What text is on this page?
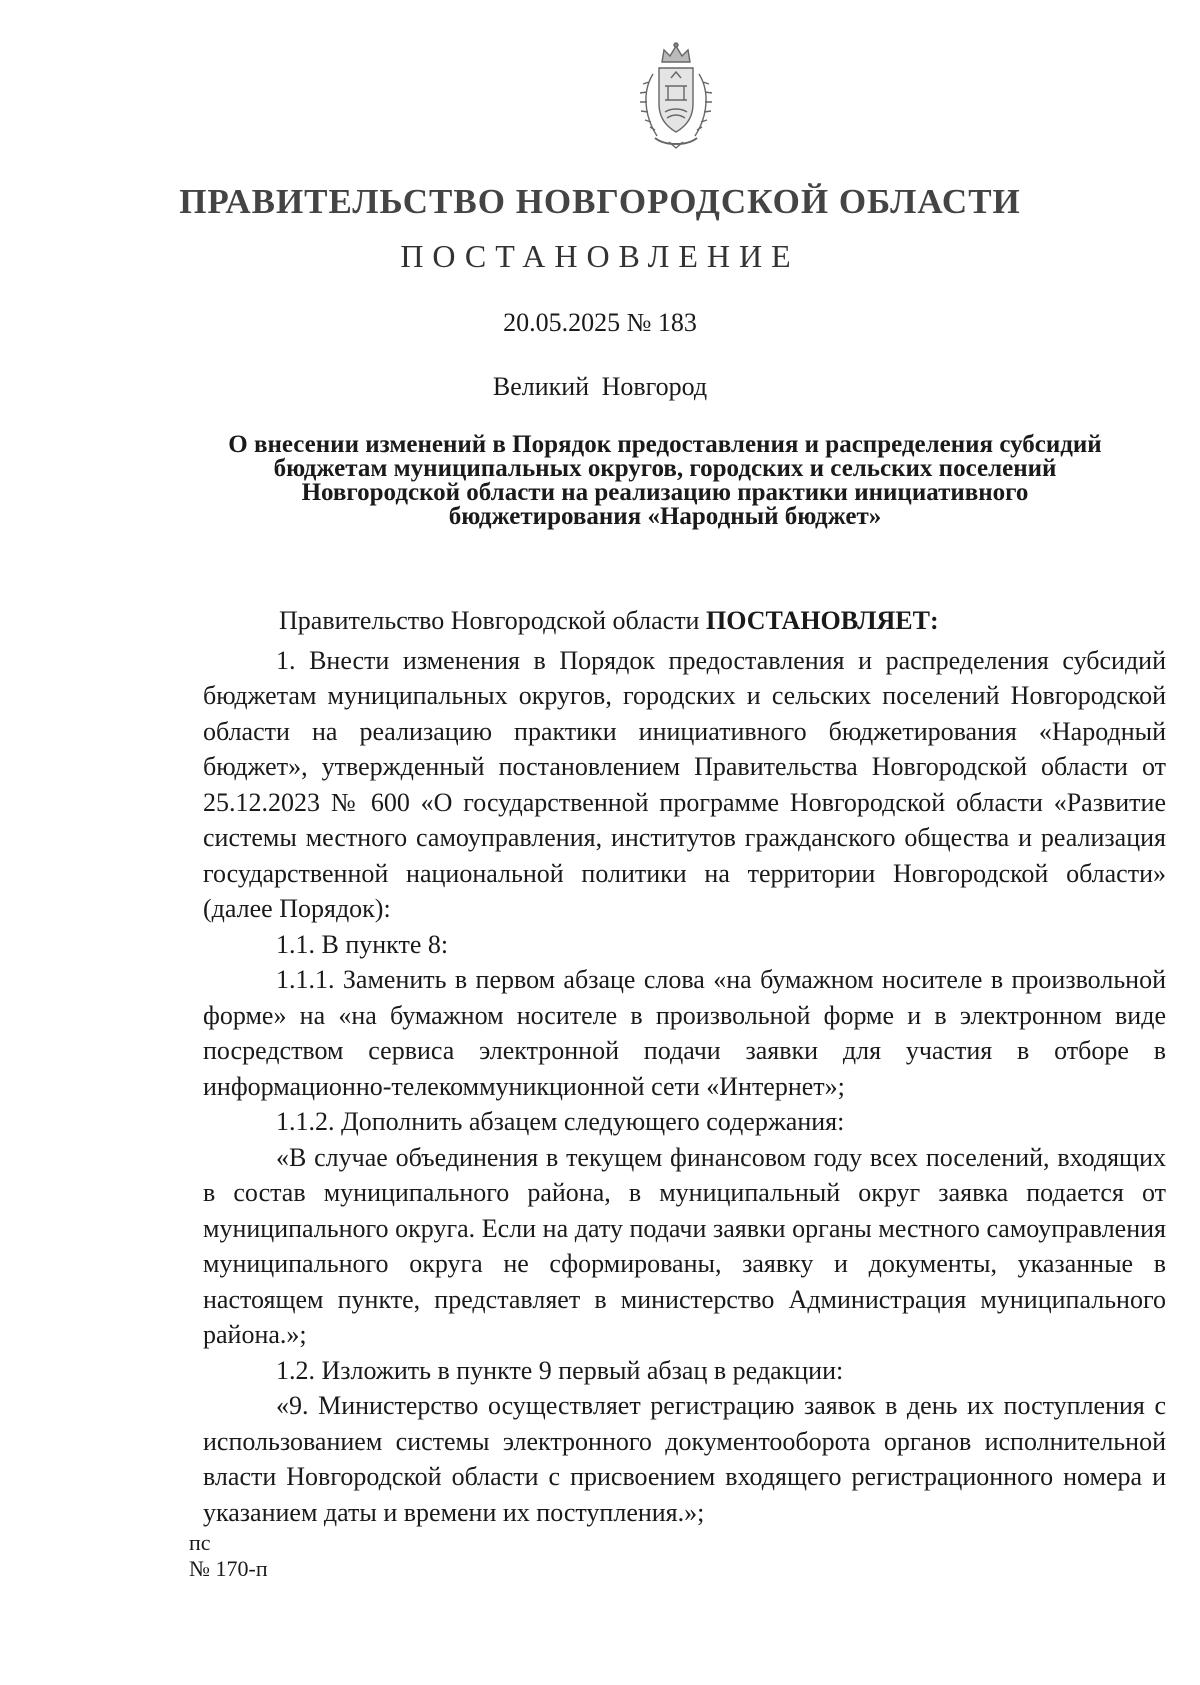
ПРАВИТЕЛЬСТВО НОВГОРОДСКОЙ ОБЛАСТИ
ПОСТАНОВЛЕНИЕ
20.05.2025 № 183
Великий Новгород
О внесении изменений в Порядок предоставления и распределения субсидий бюджетам муниципальных округов, городских и сельских поселений Новгородской области на реализацию практики инициативного бюджетирования «Народный бюджет»

Правительство Новгородской области ПОСТАНОВЛЯЕТ:

1. Внести изменения в Порядок предоставления и распределения субсидий бюджетам муниципальных округов, городских и сельских поселений Новгородской области на реализацию практики инициативного бюджетирования «Народный бюджет», утвержденный постановлением Правительства Новгородской области от 25.12.2023 № 600 «О государственной программе Новгородской области «Развитие системы местного самоуправления, институтов гражданского общества и реализация государственной национальной политики на территории Новгородской области» (далее Порядок):

1.1. В пункте 8:

1.1.1. Заменить в первом абзаце слова «на бумажном носителе в произвольной форме» на «на бумажном носителе в произвольной форме и в электронном виде посредством сервиса электронной подачи заявки для участия в отборе в информационно-телекоммуникционной сети «Интернет»;

1.1.2. Дополнить абзацем следующего содержания:

«В случае объединения в текущем финансовом году всех поселений, входящих в состав муниципального района, в муниципальный округ заявка подается от муниципального округа. Если на дату подачи заявки органы местного самоуправления муниципального округа не сформированы, заявку и документы, указанные в настоящем пункте, представляет в министерство Администрация муниципального района.»;

1.2. Изложить в пункте 9 первый абзац в редакции:

«9. Министерство осуществляет регистрацию заявок в день их поступления с использованием системы электронного документооборота органов исполнительной власти Новгородской области с присвоением входящего регистрационного номера и указанием даты и времени их поступления.»;

пс
№ 170-п
